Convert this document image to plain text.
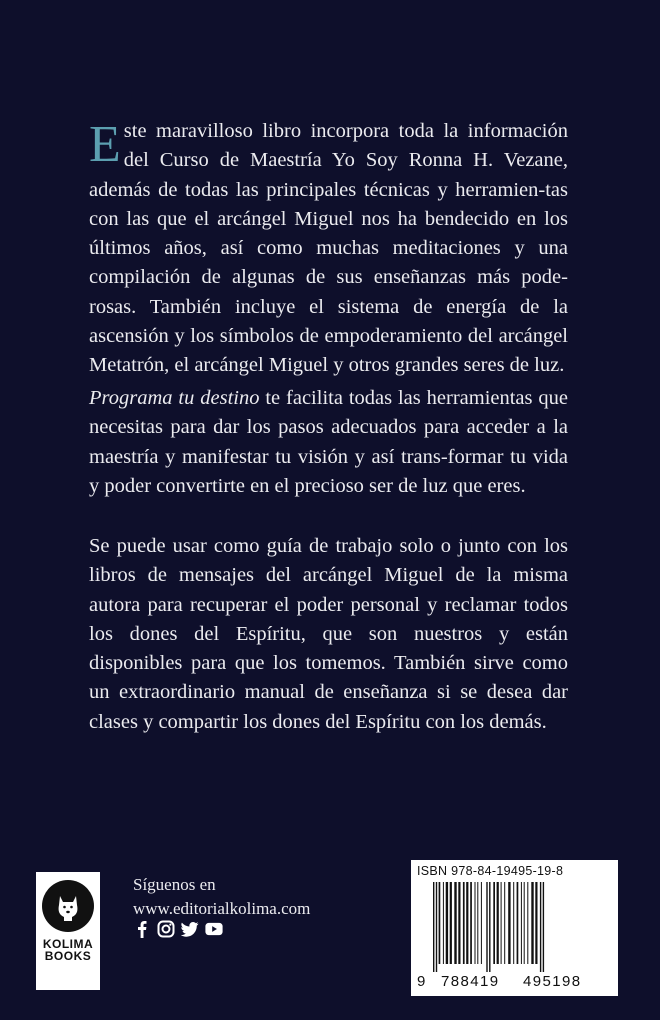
Este maravilloso libro incorpora toda la información del Curso de Maestría Yo Soy Ronna H. Vezane, además de todas las principales técnicas y herramien-tas con las que el arcángel Miguel nos ha bendecido en los últimos años, así como muchas meditaciones y una compilación de algunas de sus enseñanzas más pode-rosas. También incluye el sistema de energía de la ascensión y los símbolos de empoderamiento del arcángel Metatrón, el arcángel Miguel y otros grandes seres de luz.

Programa tu destino te facilita todas las herramientas que necesitas para dar los pasos adecuados para acceder a la maestría y manifestar tu visión y así trans-formar tu vida y poder convertirte en el precioso ser de luz que eres.

Se puede usar como guía de trabajo solo o junto con los libros de mensajes del arcángel Miguel de la misma autora para recuperar el poder personal y reclamar todos los dones del Espíritu, que son nuestros y están disponibles para que los tomemos. También sirve como un extraordinario manual de enseñanza si se desea dar clases y compartir los dones del Espíritu con los demás.

KOLIMA
BOOKS
Síguenos en
www.editorialkolima.com
ISBN 978-84-19495-19-8
9 788419 495198
